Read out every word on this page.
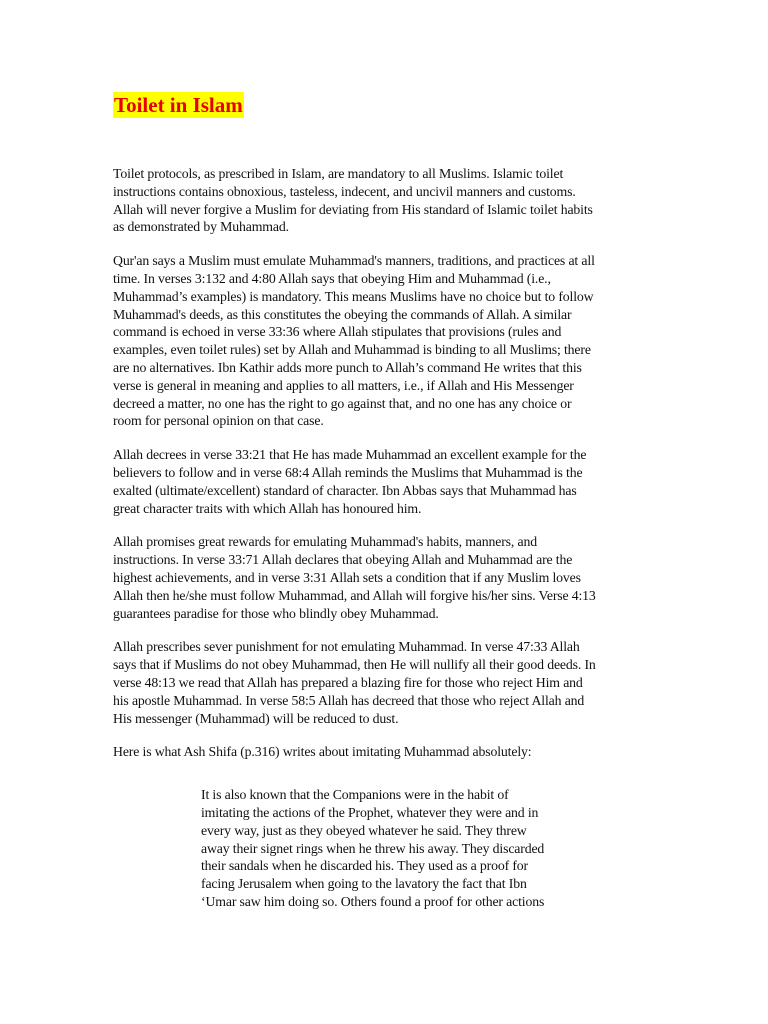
Toilet in Islam

Toilet protocols, as prescribed in Islam, are mandatory to all Muslims. Islamic toilet
instructions contains obnoxious, tasteless, indecent, and uncivil manners and customs.
Allah will never forgive a Muslim for deviating from His standard of Islamic toilet habits
as demonstrated by Muhammad.

Qur'an says a Muslim must emulate Muhammad's manners, traditions, and practices at all
time. In verses 3:132 and 4:80 Allah says that obeying Him and Muhammad (i.e.,
Muhammad’s examples) is mandatory. This means Muslims have no choice but to follow
Muhammad's deeds, as this constitutes the obeying the commands of Allah. A similar
command is echoed in verse 33:36 where Allah stipulates that provisions (rules and
examples, even toilet rules) set by Allah and Muhammad is binding to all Muslims; there
are no alternatives. Ibn Kathir adds more punch to Allah’s command He writes that this
verse is general in meaning and applies to all matters, i.e., if Allah and His Messenger
decreed a matter, no one has the right to go against that, and no one has any choice or
room for personal opinion on that case.

Allah decrees in verse 33:21 that He has made Muhammad an excellent example for the
believers to follow and in verse 68:4 Allah reminds the Muslims that Muhammad is the
exalted (ultimate/excellent) standard of character. Ibn Abbas says that Muhammad has
great character traits with which Allah has honoured him.

Allah promises great rewards for emulating Muhammad's habits, manners, and
instructions. In verse 33:71 Allah declares that obeying Allah and Muhammad are the
highest achievements, and in verse 3:31 Allah sets a condition that if any Muslim loves
Allah then he/she must follow Muhammad, and Allah will forgive his/her sins. Verse 4:13
guarantees paradise for those who blindly obey Muhammad.

Allah prescribes sever punishment for not emulating Muhammad. In verse 47:33 Allah
says that if Muslims do not obey Muhammad, then He will nullify all their good deeds. In
verse 48:13 we read that Allah has prepared a blazing fire for those who reject Him and
his apostle Muhammad. In verse 58:5 Allah has decreed that those who reject Allah and
His messenger (Muhammad) will be reduced to dust.

Here is what Ash Shifa (p.316) writes about imitating Muhammad absolutely:

It is also known that the Companions were in the habit of
imitating the actions of the Prophet, whatever they were and in
every way, just as they obeyed whatever he said. They threw
away their signet rings when he threw his away. They discarded
their sandals when he discarded his. They used as a proof for
facing Jerusalem when going to the lavatory the fact that Ibn
‘Umar saw him doing so. Others found a proof for other actions
